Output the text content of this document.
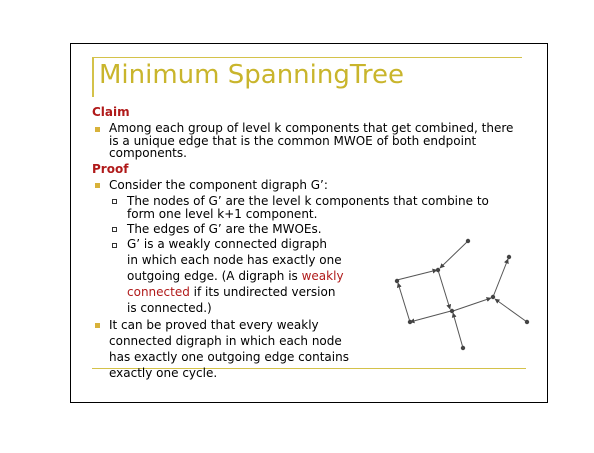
Minimum SpanningTree
Claim
Among each group of level k components that get combined, there
is a unique edge that is the common MWOE of both endpoint
components.
Proof
Consider the component digraph G’:
The nodes of G’ are the level k components that combine to
form one level k+1 component.
The edges of G’ are the MWOEs.
G’ is a weakly connected digraph
in which each node has exactly one
outgoing edge. (A digraph is weakly
connected if its undirected version
is connected.)
It can be proved that every weakly
connected digraph in which each node
has exactly one outgoing edge contains
exactly one cycle.
